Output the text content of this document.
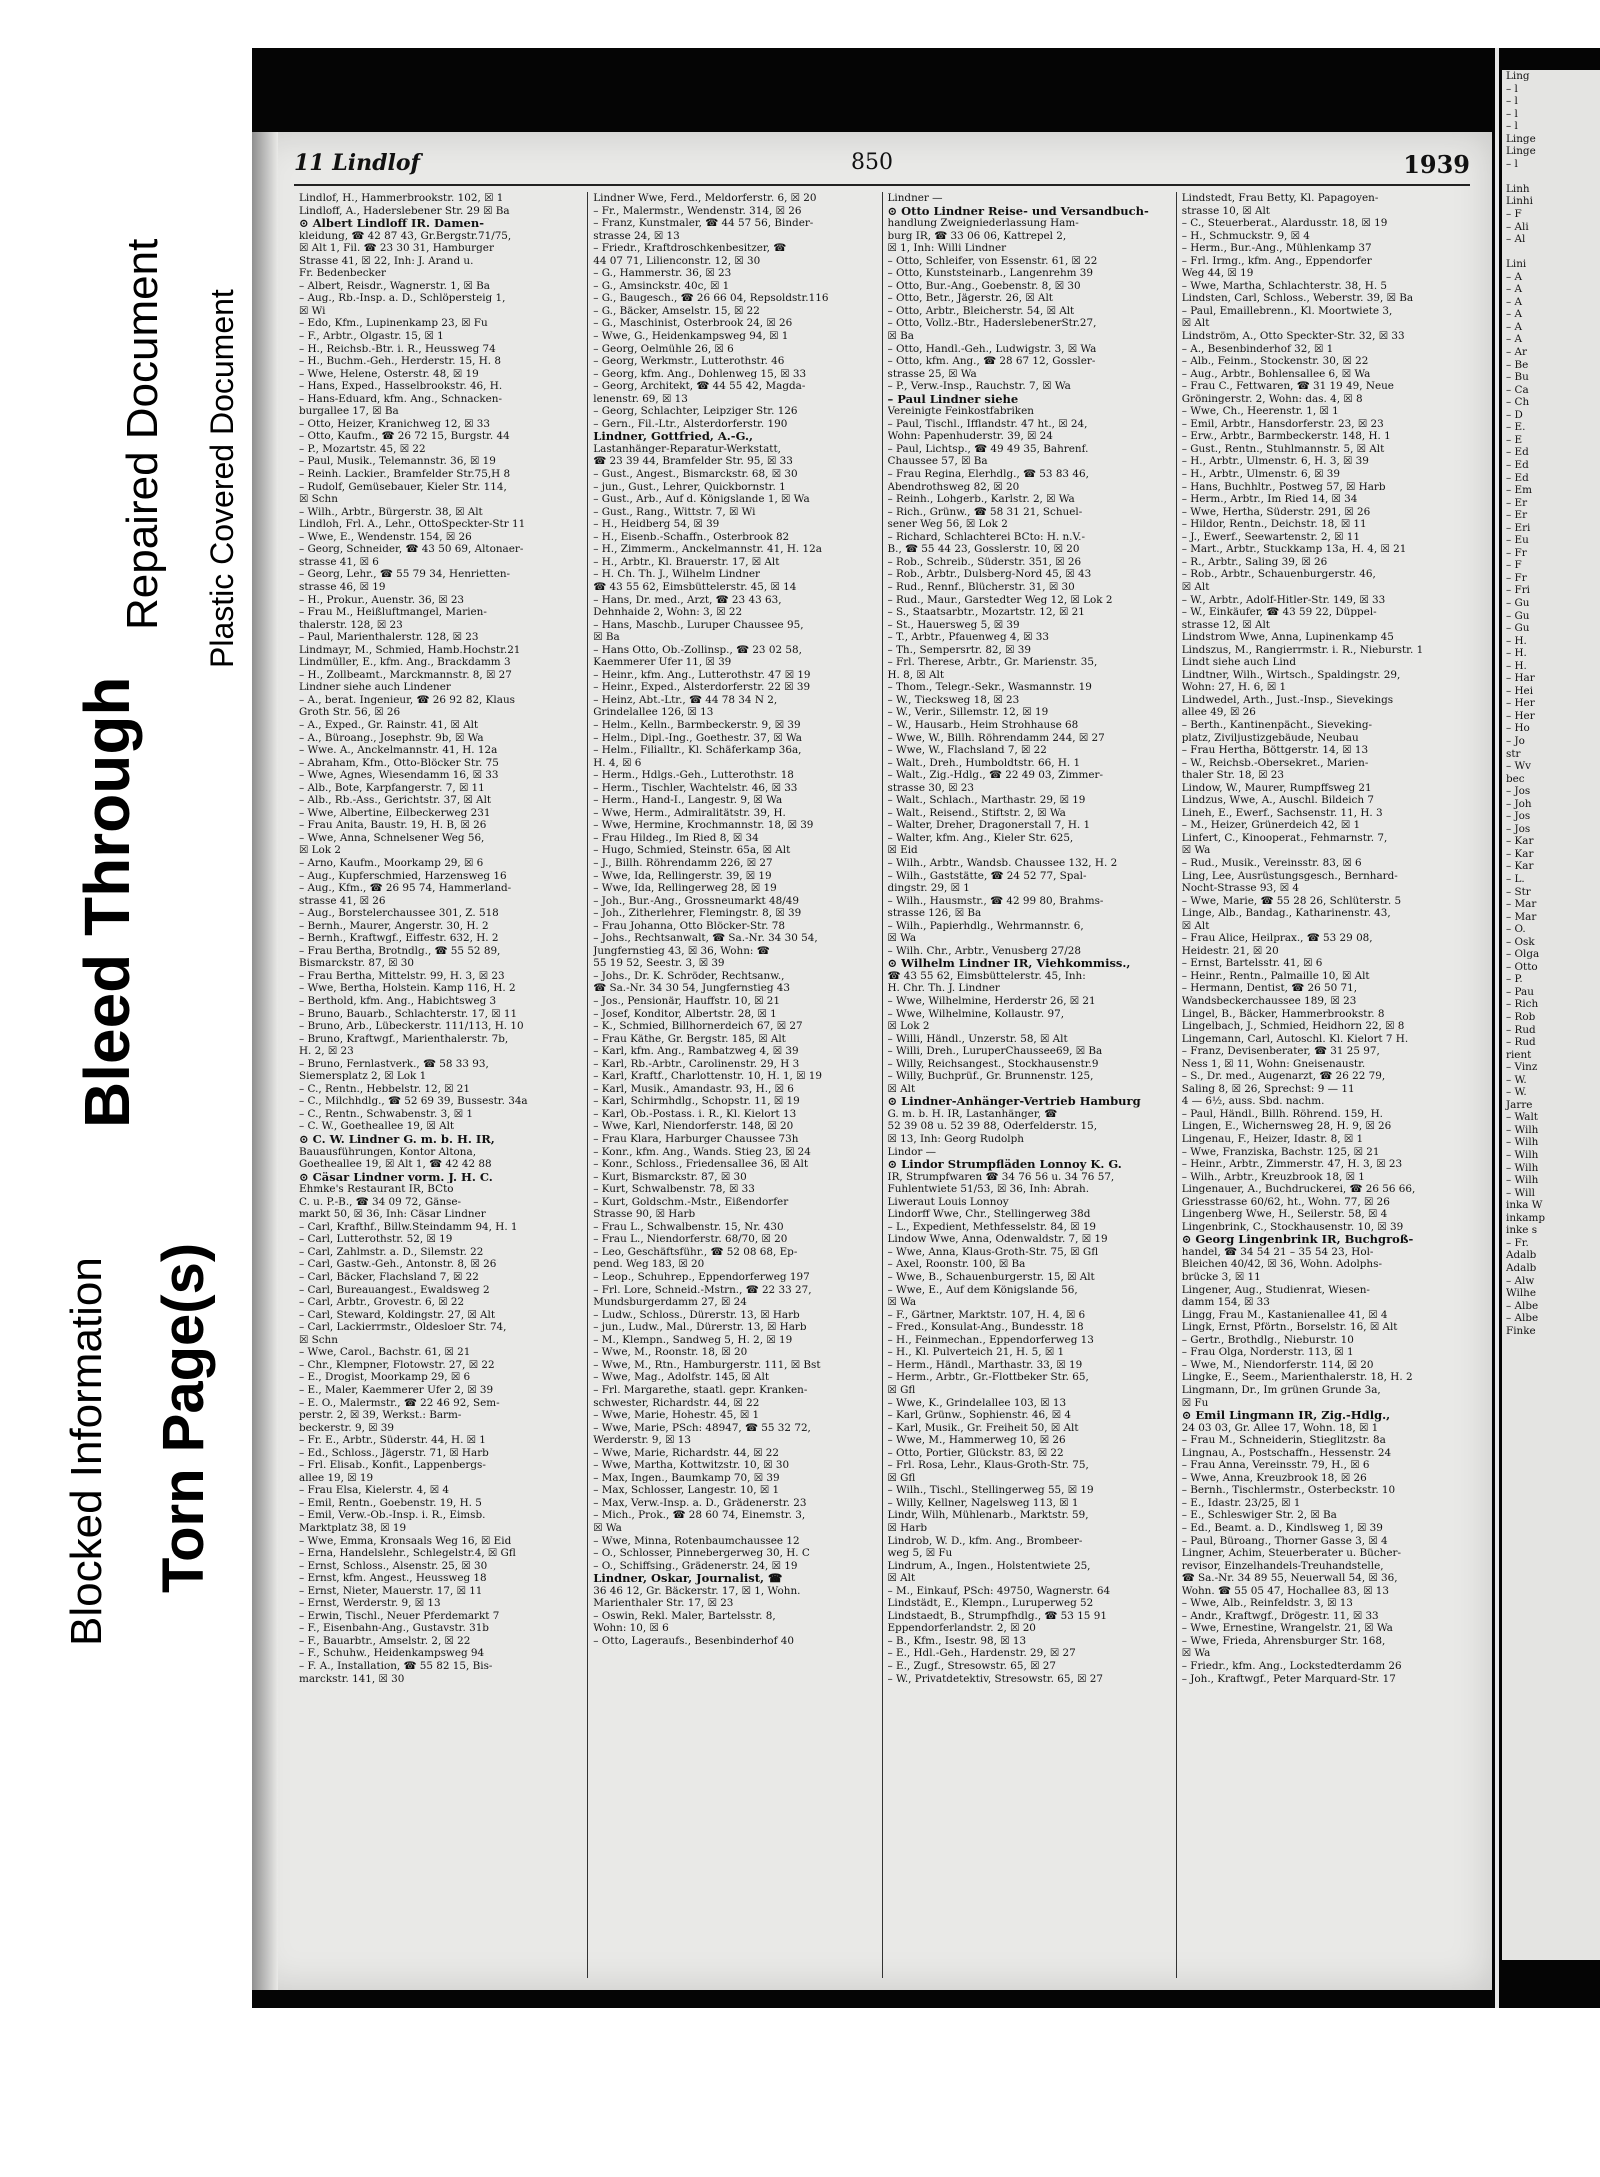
Repaired Document Plastic Covered Document
Bleed Through
Blocked Information Torn Page(s)
11 Lindlof	850	1939
Lindlof, H., Hammerbrookstr. 102, ☒ 1
Lindloff, A., Haderslebener Str. 29 ☒ Ba
⊙ Albert Lindloff IR. Damen-
kleidung, ☎ 42 87 43, Gr.Bergstr.71/75,
☒ Alt 1, Fil. ☎ 23 30 31, Hamburger
Strasse 41, ☒ 22, Inh: J. Arand u.
Fr. Bedenbecker
– Albert, Reisdr., Wagnerstr. 1, ☒ Ba
– Aug., Rb.-Insp. a. D., Schlöpersteig 1,
☒ Wi
– Edo, Kfm., Lupinenkamp 23, ☒ Fu
– F., Arbtr., Olgastr. 15, ☒ 1
– H., Reichsb.-Btr. i. R., Heussweg 74
– H., Buchm.-Geh., Herderstr. 15, H. 8
– Wwe, Helene, Osterstr. 48, ☒ 19
– Hans, Exped., Hasselbrookstr. 46, H.
– Hans-Eduard, kfm. Ang., Schnacken-
burgallee 17, ☒ Ba
– Otto, Heizer, Kranichweg 12, ☒ 33
– Otto, Kaufm., ☎ 26 72 15, Burgstr. 44
– P., Mozartstr. 45, ☒ 22
– Paul, Musik., Telemannstr. 36, ☒ 19
– Reinh. Lackier., Bramfelder Str.75,H 8
– Rudolf, Gemüsebauer, Kieler Str. 114,
☒ Schn
– Wilh., Arbtr., Bürgerstr. 38, ☒ Alt
Lindloh, Frl. A., Lehr., OttoSpeckter-Str 11
– Wwe, E., Wendenstr. 154, ☒ 26
– Georg, Schneider, ☎ 43 50 69, Altonaer-
strasse 41, ☒ 6
– Georg, Lehr., ☎ 55 79 34, Henrietten-
strasse 46, ☒ 19
– H., Prokur., Auenstr. 36, ☒ 23
– Frau M., Heißluftmangel, Marien-
thalerstr. 128, ☒ 23
– Paul, Marienthalerstr. 128, ☒ 23
Lindmayr, M., Schmied, Hamb.Hochstr.21
Lindmüller, E., kfm. Ang., Brackdamm 3
– H., Zollbeamt., Marckmannstr. 8, ☒ 27
Lindner siehe auch Lindener
– A., berat. Ingenieur, ☎ 26 92 82, Klaus
Groth Str. 56, ☒ 26
– A., Exped., Gr. Rainstr. 41, ☒ Alt
– A., Büroang., Josephstr. 9b, ☒ Wa
– Wwe. A., Anckelmannstr. 41, H. 12a
– Abraham, Kfm., Otto-Blöcker Str. 75
– Wwe, Agnes, Wiesendamm 16, ☒ 33
– Alb., Bote, Karpfangerstr. 7, ☒ 11
– Alb., Rb.-Ass., Gerichtstr. 37, ☒ Alt
– Wwe, Albertine, Eilbeckerweg 231
– Frau Anita, Baustr. 19, H. B, ☒ 26
– Wwe, Anna, Schnelsener Weg 56,
☒ Lok 2
– Arno, Kaufm., Moorkamp 29, ☒ 6
– Aug., Kupferschmied, Harzensweg 16
– Aug., Kfm., ☎ 26 95 74, Hammerland-
strasse 41, ☒ 26
– Aug., Borstelerchaussee 301, Z. 518
– Bernh., Maurer, Angerstr. 30, H. 2
– Bernh., Kraftwgf., Eiffestr. 632, H. 2
– Frau Bertha, Brotndlg., ☎ 55 52 89,
Bismarckstr. 87, ☒ 30
– Frau Bertha, Mittelstr. 99, H. 3, ☒ 23
– Wwe, Bertha, Holstein. Kamp 116, H. 2
– Berthold, kfm. Ang., Habichtsweg 3
– Bruno, Bauarb., Schlachterstr. 17, ☒ 11
– Bruno, Arb., Lübeckerstr. 111/113, H. 10
– Bruno, Kraftwgf., Marienthalerstr. 7b,
H. 2, ☒ 23
– Bruno, Fernlastverk., ☎ 58 33 93,
Siemersplatz 2, ☒ Lok 1
– C., Rentn., Hebbelstr. 12, ☒ 21
– C., Milchhdlg., ☎ 52 69 39, Bussestr. 34a
– C., Rentn., Schwabenstr. 3, ☒ 1
– C. W., Goetheallee 19, ☒ Alt
⊙ C. W. Lindner G. m. b. H. IR,
Bauausführungen, Kontor Altona,
Goetheallee 19, ☒ Alt 1, ☎ 42 42 88
⊙ Cäsar Lindner vorm. J. H. C.
Ehmke's Restaurant IR, BCto
C. u. P.-B., ☎ 34 09 72, Gänse-
markt 50, ☒ 36, Inh: Cäsar Lindner
– Carl, Krafthf., Billw.Steindamm 94, H. 1
– Carl, Lutterothstr. 52, ☒ 19
– Carl, Zahlmstr. a. D., Silemstr. 22
– Carl, Gastw.-Geh., Antonstr. 8, ☒ 26
– Carl, Bäcker, Flachsland 7, ☒ 22
– Carl, Bureauangest., Ewaldsweg 2
– Carl, Arbtr., Grovestr. 6, ☒ 22
– Carl, Steward, Koldingstr. 27, ☒ Alt
– Carl, Lackierrmstr., Oldesloer Str. 74,
☒ Schn
– Wwe, Carol., Bachstr. 61, ☒ 21
– Chr., Klempner, Flotowstr. 27, ☒ 22
– E., Drogist, Moorkamp 29, ☒ 6
– E., Maler, Kaemmerer Ufer 2, ☒ 39
– E. O., Malermstr., ☎ 22 46 92, Sem-
perstr. 2, ☒ 39, Werkst.: Barm-
beckerstr. 9, ☒ 39
– Fr. E., Arbtr., Süderstr. 44, H. ☒ 1
– Ed., Schloss., Jägerstr. 71, ☒ Harb
– Frl. Elisab., Konfit., Lappenbergs-
allee 19, ☒ 19
– Frau Elsa, Kielerstr. 4, ☒ 4
– Emil, Rentn., Goebenstr. 19, H. 5
– Emil, Verw.-Ob.-Insp. i. R., Eimsb.
Marktplatz 38, ☒ 19
– Wwe, Emma, Kronsaals Weg 16, ☒ Eid
– Erna, Handelslehr., Schlegelstr.4, ☒ Gfl
– Ernst, Schloss., Alsenstr. 25, ☒ 30
– Ernst, kfm. Angest., Heussweg 18
– Ernst, Nieter, Mauerstr. 17, ☒ 11
– Ernst, Werderstr. 9, ☒ 13
– Erwin, Tischl., Neuer Pferdemarkt 7
– F., Eisenbahn-Ang., Gustavstr. 31b
– F., Bauarbtr., Amselstr. 2, ☒ 22
– F., Schuhw., Heidenkampsweg 94
– F. A., Installation, ☎ 55 82 15, Bis-
marckstr. 141, ☒ 30
Lindner Wwe, Ferd., Meldorferstr. 6, ☒ 20
– Fr., Malermstr., Wendenstr. 314, ☒ 26
– Franz, Kunstmaler, ☎ 44 57 56, Binder-
strasse 24, ☒ 13
– Friedr., Kraftdroschkenbesitzer, ☎
44 07 71, Lilienconstr. 12, ☒ 30
– G., Hammerstr. 36, ☒ 23
– G., Amsinckstr. 40c, ☒ 1
– G., Baugesch., ☎ 26 66 04, Repsoldstr.116
– G., Bäcker, Amselstr. 15, ☒ 22
– G., Maschinist, Osterbrook 24, ☒ 26
– Wwe, G., Heidenkampsweg 94, ☒ 1
– Georg, Oelmühle 26, ☒ 6
– Georg, Werkmstr., Lutterothstr. 46
– Georg, kfm. Ang., Dohlenweg 15, ☒ 33
– Georg, Architekt, ☎ 44 55 42, Magda-
lenenstr. 69, ☒ 13
– Georg, Schlachter, Leipziger Str. 126
– Gern., Fil.-Ltr., Alsterdorferstr. 190
Lindner, Gottfried, A.-G.,
Lastanhänger-Reparatur-Werkstatt,
☎ 23 39 44, Bramfelder Str. 95, ☒ 33
– Gust., Angest., Bismarckstr. 68, ☒ 30
– jun., Gust., Lehrer, Quickbornstr. 1
– Gust., Arb., Auf d. Königslande 1, ☒ Wa
– Gust., Rang., Wittstr. 7, ☒ Wi
– H., Heidberg 54, ☒ 39
– H., Eisenb.-Schaffn., Osterbrook 82
– H., Zimmerm., Anckelmannstr. 41, H. 12a
– H., Arbtr., Kl. Brauerstr. 17, ☒ Alt
– H. Ch. Th. J., Wilhelm Lindner
☎ 43 55 62, Eimsbüttelerstr. 45, ☒ 14
– Hans, Dr. med., Arzt, ☎ 23 43 63,
Dehnhaide 2, Wohn: 3, ☒ 22
– Hans, Maschb., Luruper Chaussee 95,
☒ Ba
– Hans Otto, Ob.-Zollinsp., ☎ 23 02 58,
Kaemmerer Ufer 11, ☒ 39
– Heinr., kfm. Ang., Lutterothstr. 47 ☒ 19
– Heinr., Exped., Alsterdorferstr. 22 ☒ 39
– Heinz, Abt.-Ltr., ☎ 44 78 34 N 2,
Grindelallee 126, ☒ 13
– Helm., Kelln., Barmbeckerstr. 9, ☒ 39
– Helm., Dipl.-Ing., Goethestr. 37, ☒ Wa
– Helm., Filialltr., Kl. Schäferkamp 36a,
H. 4, ☒ 6
– Herm., Hdlgs.-Geh., Lutterothstr. 18
– Herm., Tischler, Wachtelstr. 46, ☒ 33
– Herm., Hand-I., Langestr. 9, ☒ Wa
– Wwe, Herm., Admiralitätstr. 39, H.
– Wwe, Hermine, Krochmannstr. 18, ☒ 39
– Frau Hildeg., Im Ried 8, ☒ 34
– Hugo, Schmied, Steinstr. 65a, ☒ Alt
– J., Billh. Röhrendamm 226, ☒ 27
– Wwe, Ida, Rellingerstr. 39, ☒ 19
– Wwe, Ida, Rellingerweg 28, ☒ 19
– Joh., Bur.-Ang., Grossneumarkt 48/49
– Joh., Zitherlehrer, Flemingstr. 8, ☒ 39
– Frau Johanna, Otto Blöcker-Str. 78
– Johs., Rechtsanwalt, ☎ Sa.-Nr. 34 30 54,
Jungfernstieg 43, ☒ 36, Wohn: ☎
55 19 52, Seestr. 3, ☒ 39
– Johs., Dr. K. Schröder, Rechtsanw.,
☎ Sa.-Nr. 34 30 54, Jungfernstieg 43
– Jos., Pensionär, Hauffstr. 10, ☒ 21
– Josef, Konditor, Albertstr. 28, ☒ 1
– K., Schmied, Billhornerdeich 67, ☒ 27
– Frau Käthe, Gr. Bergstr. 185, ☒ Alt
– Karl, kfm. Ang., Rambatzweg 4, ☒ 39
– Karl, Rb.-Arbtr., Carolinenstr. 29, H 3
– Karl, Kraftf., Charlottenstr. 10, H. 1, ☒ 19
– Karl, Musik., Amandastr. 93, H., ☒ 6
– Karl, Schirmhdlg., Schopstr. 11, ☒ 19
– Karl, Ob.-Postass. i. R., Kl. Kielort 13
– Wwe, Karl, Niendorferstr. 148, ☒ 20
– Frau Klara, Harburger Chaussee 73h
– Konr., kfm. Ang., Wands. Stieg 23, ☒ 24
– Konr., Schloss., Friedensallee 36, ☒ Alt
– Kurt, Bismarckstr. 87, ☒ 30
– Kurt, Schwalbenstr. 78, ☒ 33
– Kurt, Goldschm.-Mstr., Eißendorfer
Strasse 90, ☒ Harb
– Frau L., Schwalbenstr. 15, Nr. 430
– Frau L., Niendorferstr. 68/70, ☒ 20
– Leo, Geschäftsführ., ☎ 52 08 68, Ep-
pend. Weg 183, ☒ 20
– Leop., Schuhrep., Eppendorferweg 197
– Frl. Lore, Schneid.-Mstrn., ☎ 22 33 27,
Mundsburgerdamm 27, ☒ 24
– Ludw., Schloss., Dürerstr. 13, ☒ Harb
– jun., Ludw., Mal., Dürerstr. 13, ☒ Harb
– M., Klempn., Sandweg 5, H. 2, ☒ 19
– Wwe, M., Roonstr. 18, ☒ 20
– Wwe, M., Rtn., Hamburgerstr. 111, ☒ Bst
– Wwe, Mag., Adolfstr. 145, ☒ Alt
– Frl. Margarethe, staatl. gepr. Kranken-
schwester, Richardstr. 44, ☒ 22
– Wwe, Marie, Hohestr. 45, ☒ 1
– Wwe, Marie, PSch: 48947, ☎ 55 32 72,
Werderstr. 9, ☒ 13
– Wwe, Marie, Richardstr. 44, ☒ 22
– Wwe, Martha, Kottwitzstr. 10, ☒ 30
– Max, Ingen., Baumkamp 70, ☒ 39
– Max, Schlosser, Langestr. 10, ☒ 1
– Max, Verw.-Insp. a. D., Grädenerstr. 23
– Mich., Prok., ☎ 28 60 74, Einemstr. 3,
☒ Wa
– Wwe, Minna, Rotenbaumchaussee 12
– O., Schlosser, Pinnebergerweg 30, H. C
– O., Schiffsing., Grädenerstr. 24, ☒ 19
Lindner, Oskar, Journalist, ☎
36 46 12, Gr. Bäckerstr. 17, ☒ 1, Wohn.
Marienthaler Str. 17, ☒ 23
– Oswin, Rekl. Maler, Bartelsstr. 8,
Wohn: 10, ☒ 6
– Otto, Lageraufs., Besenbinderhof 40
Lindner —
⊙ Otto Lindner Reise- und Versandbuch-
handlung Zweigniederlassung Ham-
burg IR, ☎ 33 06 06, Kattrepel 2,
☒ 1, Inh: Willi Lindner
– Otto, Schleifer, von Essenstr. 61, ☒ 22
– Otto, Kunststeinarb., Langenrehm 39
– Otto, Bur.-Ang., Goebenstr. 8, ☒ 30
– Otto, Betr., Jägerstr. 26, ☒ Alt
– Otto, Arbtr., Bleicherstr. 54, ☒ Alt
– Otto, Vollz.-Btr., HaderslebenerStr.27,
☒ Ba
– Otto, Handl.-Geh., Ludwigstr. 3, ☒ Wa
– Otto, kfm. Ang., ☎ 28 67 12, Gossler-
strasse 25, ☒ Wa
– P., Verw.-Insp., Rauchstr. 7, ☒ Wa
– Paul Lindner siehe
Vereinigte Feinkostfabriken
– Paul, Tischl., Ifflandstr. 47 ht., ☒ 24,
Wohn: Papenhuderstr. 39, ☒ 24
– Paul, Lichtsp., ☎ 49 49 35, Bahrenf.
Chaussee 57, ☒ Ba
– Frau Regina, Elerhdlg., ☎ 53 83 46,
Abendrothsweg 82, ☒ 20
– Reinh., Lohgerb., Karlstr. 2, ☒ Wa
– Rich., Grünw., ☎ 58 31 21, Schuel-
sener Weg 56, ☒ Lok 2
– Richard, Schlachterei BCto: H. n.V.-
B., ☎ 55 44 23, Gosslerstr. 10, ☒ 20
– Rob., Schreib., Süderstr. 351, ☒ 26
– Rob., Arbtr., Dulsberg-Nord 45, ☒ 43
– Rud., Rennf., Blücherstr. 31, ☒ 30
– Rud., Maur., Garstedter Weg 12, ☒ Lok 2
– S., Staatsarbtr., Mozartstr. 12, ☒ 21
– St., Hauersweg 5, ☒ 39
– T., Arbtr., Pfauenweg 4, ☒ 33
– Th., Sempersrtr. 82, ☒ 39
– Frl. Therese, Arbtr., Gr. Marienstr. 35,
H. 8, ☒ Alt
– Thom., Telegr.-Sekr., Wasmannstr. 19
– W., Tiecksweg 18, ☒ 23
– W., Verir., Sillemstr. 12, ☒ 19
– W., Hausarb., Heim Strohhause 68
– Wwe, W., Billh. Röhrendamm 244, ☒ 27
– Wwe, W., Flachsland 7, ☒ 22
– Walt., Dreh., Humboldtstr. 66, H. 1
– Walt., Zig.-Hdlg., ☎ 22 49 03, Zimmer-
strasse 30, ☒ 23
– Walt., Schlach., Marthastr. 29, ☒ 19
– Walt., Reisend., Stiftstr. 2, ☒ Wa
– Walter, Dreher, Dragonerstall 7, H. 1
– Walter, kfm. Ang., Kieler Str. 625,
☒ Eid
– Wilh., Arbtr., Wandsb. Chaussee 132, H. 2
– Wilh., Gaststätte, ☎ 24 52 77, Spal-
dingstr. 29, ☒ 1
– Wilh., Hausmstr., ☎ 42 99 80, Brahms-
strasse 126, ☒ Ba
– Wilh., Papierhdlg., Wehrmannstr. 6,
☒ Wa
– Wilh. Chr., Arbtr., Venusberg 27/28
⊙ Wilhelm Lindner IR, Viehkommiss.,
☎ 43 55 62, Eimsbüttelerstr. 45, Inh:
H. Chr. Th. J. Lindner
– Wwe, Wilhelmine, Herderstr 26, ☒ 21
– Wwe, Wilhelmine, Kollaustr. 97,
☒ Lok 2
– Willi, Händl., Unzerstr. 58, ☒ Alt
– Willi, Dreh., LuruperChaussee69, ☒ Ba
– Willy, Reichsangest., Stockhausenstr.9
– Willy, Buchprüf., Gr. Brunnenstr. 125,
☒ Alt
⊙ Lindner-Anhänger-Vertrieb Hamburg
G. m. b. H. IR, Lastanhänger, ☎
52 39 08 u. 52 39 88, Oderfelderstr. 15,
☒ 13, Inh: Georg Rudolph
Lindor —
⊙ Lindor Strumpfläden Lonnoy K. G.
IR, Strumpfwaren ☎ 34 76 56 u. 34 76 57,
Fuhlentwiete 51/53, ☒ 36, Inh: Abrah.
Liweraut Louis Lonnoy
Lindorff Wwe, Chr., Stellingerweg 38d
– L., Expedient, Methfesselstr. 84, ☒ 19
Lindow Wwe, Anna, Odenwaldstr. 7, ☒ 19
– Wwe, Anna, Klaus-Groth-Str. 75, ☒ Gfl
– Axel, Roonstr. 100, ☒ Ba
– Wwe, B., Schauenburgerstr. 15, ☒ Alt
– Wwe, E., Auf dem Königslande 56,
☒ Wa
– F., Gärtner, Marktstr. 107, H. 4, ☒ 6
– Fred., Konsulat-Ang., Bundesstr. 18
– H., Feinmechan., Eppendorferweg 13
– H., Kl. Pulverteich 21, H. 5, ☒ 1
– Herm., Händl., Marthastr. 33, ☒ 19
– Herm., Arbtr., Gr.-Flottbeker Str. 65,
☒ Gfl
– Wwe, K., Grindelallee 103, ☒ 13
– Karl, Grünw., Sophienstr. 46, ☒ 4
– Karl, Musik., Gr. Freiheit 50, ☒ Alt
– Wwe, M., Hammerweg 10, ☒ 26
– Otto, Portier, Glückstr. 83, ☒ 22
– Frl. Rosa, Lehr., Klaus-Groth-Str. 75,
☒ Gfl
– Wilh., Tischl., Stellingerweg 55, ☒ 19
– Willy, Kellner, Nagelsweg 113, ☒ 1
Lindr, Wilh, Mühlenarb., Marktstr. 59,
☒ Harb
Lindrob, W. D., kfm. Ang., Brombeer-
weg 5, ☒ Fu
Lindrum, A., Ingen., Holstentwiete 25,
☒ Alt
– M., Einkauf, PSch: 49750, Wagnerstr. 64
Lindstädt, E., Klempn., Luruperweg 52
Lindstaedt, B., Strumpfhdlg., ☎ 53 15 91
Eppendorferlandstr. 2, ☒ 20
– B., Kfm., Isestr. 98, ☒ 13
– E., Hdl.-Geh., Hardenstr. 29, ☒ 27
– E., Zugf., Stresowstr. 65, ☒ 27
– W., Privatdetektiv, Stresowstr. 65, ☒ 27
Lindstedt, Frau Betty, Kl. Papagoyen-
strasse 10, ☒ Alt
– C., Steuerberat., Alardusstr. 18, ☒ 19
– H., Schmuckstr. 9, ☒ 4
– Herm., Bur.-Ang., Mühlenkamp 37
– Frl. Irmg., kfm. Ang., Eppendorfer
Weg 44, ☒ 19
– Wwe, Martha, Schlachterstr. 38, H. 5
Lindsten, Carl, Schloss., Weberstr. 39, ☒ Ba
– Paul, Emaillebrenn., Kl. Moortwiete 3,
☒ Alt
Lindström, A., Otto Speckter-Str. 32, ☒ 33
– A., Besenbinderhof 32, ☒ 1
– Alb., Feinm., Stockenstr. 30, ☒ 22
– Aug., Arbtr., Bohlensallee 6, ☒ Wa
– Frau C., Fettwaren, ☎ 31 19 49, Neue
Gröningerstr. 2, Wohn: das. 4, ☒ 8
– Wwe, Ch., Heerenstr. 1, ☒ 1
– Emil, Arbtr., Hansdorferstr. 23, ☒ 23
– Erw., Arbtr., Barmbeckerstr. 148, H. 1
– Gust., Rentn., Stuhlmannstr. 5, ☒ Alt
– H., Arbtr., Ulmenstr. 6, H. 3, ☒ 39
– H., Arbtr., Ulmenstr. 6, ☒ 39
– Hans, Buchhltr., Postweg 57, ☒ Harb
– Herm., Arbtr., Im Ried 14, ☒ 34
– Wwe, Hertha, Süderstr. 291, ☒ 26
– Hildor, Rentn., Deichstr. 18, ☒ 11
– J., Ewerf., Seewartenstr. 2, ☒ 11
– Mart., Arbtr., Stuckkamp 13a, H. 4, ☒ 21
– R., Arbtr., Saling 39, ☒ 26
– Rob., Arbtr., Schauenburgerstr. 46,
☒ Alt
– W., Arbtr., Adolf-Hitler-Str. 149, ☒ 33
– W., Einkäufer, ☎ 43 59 22, Düppel-
strasse 12, ☒ Alt
Lindstrom Wwe, Anna, Lupinenkamp 45
Lindszus, M., Rangierrmstr. i. R., Nieburstr. 1
Lindt siehe auch Lind
Lindtner, Wilh., Wirtsch., Spaldingstr. 29,
Wohn: 27, H. 6, ☒ 1
Lindwedel, Arth., Just.-Insp., Sievekings
allee 49, ☒ 26
– Berth., Kantinenpächt., Sieveking-
platz, Ziviljustizgebäude, Neubau
– Frau Hertha, Böttgerstr. 14, ☒ 13
– W., Reichsb.-Obersekret., Marien-
thaler Str. 18, ☒ 23
Lindow, W., Maurer, Rumpffsweg 21
Lindzus, Wwe, A., Auschl. Bildeich 7
Lineh, E., Ewerf., Sachsenstr. 11, H. 3
– M., Heizer, Grünerdeich 42, ☒ 1
Linfert, C., Kinooperat., Fehmarnstr. 7,
☒ Wa
– Rud., Musik., Vereinsstr. 83, ☒ 6
Ling, Lee, Ausrüstungsgesch., Bernhard-
Nocht-Strasse 93, ☒ 4
– Wwe, Marie, ☎ 55 28 26, Schlüterstr. 5
Linge, Alb., Bandag., Katharinenstr. 43,
☒ Alt
– Frau Alice, Heilprax., ☎ 53 29 08,
Heidestr. 21, ☒ 20
– Ernst, Bartelsstr. 41, ☒ 6
– Heinr., Rentn., Palmaille 10, ☒ Alt
– Hermann, Dentist, ☎ 26 50 71,
Wandsbeckerchaussee 189, ☒ 23
Lingel, B., Bäcker, Hammerbrookstr. 8
Lingelbach, J., Schmied, Heidhorn 22, ☒ 8
Lingemann, Carl, Autoschl. Kl. Kielort 7 H.
– Franz, Devisenberater, ☎ 31 25 97,
Ness 1, ☒ 11, Wohn: Gneisenaustr.
– S., Dr. med., Augenarzt, ☎ 26 22 79,
Saling 8, ☒ 26, Sprechst: 9 — 11
4 — 6½, auss. Sbd. nachm.
– Paul, Händl., Billh. Röhrend. 159, H.
Lingen, E., Wichernsweg 28, H. 9, ☒ 26
Lingenau, F., Heizer, Idastr. 8, ☒ 1
– Wwe, Franziska, Bachstr. 125, ☒ 21
– Heinr., Arbtr., Zimmerstr. 47, H. 3, ☒ 23
– Wilh., Arbtr., Kreuzbrook 18, ☒ 1
Lingenauer, A., Buchdruckerei, ☎ 26 56 66,
Griesstrasse 60/62, ht., Wohn. 77, ☒ 26
Lingenberg Wwe, H., Seilerstr. 58, ☒ 4
Lingenbrink, C., Stockhausenstr. 10, ☒ 39
⊙ Georg Lingenbrink IR, Buchgroß-
handel, ☎ 34 54 21 – 35 54 23, Hol-
Bleichen 40/42, ☒ 36, Wohn. Adolphs-
brücke 3, ☒ 11
Lingener, Aug., Studienrat, Wiesen-
damm 154, ☒ 33
Lingg, Frau M., Kastanienallee 41, ☒ 4
Lingk, Ernst, Pförtn., Borselstr. 16, ☒ Alt
– Gertr., Brothdlg., Nieburstr. 10
– Frau Olga, Norderstr. 113, ☒ 1
– Wwe, M., Niendorferstr. 114, ☒ 20
Lingke, E., Seem., Marienthalerstr. 18, H. 2
Lingmann, Dr., Im grünen Grunde 3a,
☒ Fu
⊙ Emil Lingmann IR, Zig.-Hdlg.,
24 03 03, Gr. Allee 17, Wohn. 18, ☒ 1
– Frau M., Schneiderin, Stieglitzstr. 8a
Lingnau, A., Postschaffn., Hessenstr. 24
– Frau Anna, Vereinsstr. 79, H., ☒ 6
– Wwe, Anna, Kreuzbrook 18, ☒ 26
– Bernh., Tischlermstr., Osterbeckstr. 10
– E., Idastr. 23/25, ☒ 1
– E., Schleswiger Str. 2, ☒ Ba
– Ed., Beamt. a. D., Kindlsweg 1, ☒ 39
– Paul, Büroang., Thorner Gasse 3, ☒ 4
Lingner, Achim, Steuerberater u. Bücher-
revisor, Einzelhandels-Treuhandstelle,
☎ Sa.-Nr. 34 89 55, Neuerwall 54, ☒ 36,
Wohn. ☎ 55 05 47, Hochallee 83, ☒ 13
– Wwe, Alb., Reinfeldstr. 3, ☒ 13
– Andr., Kraftwgf., Drögestr. 11, ☒ 33
– Wwe, Ernestine, Wrangelstr. 21, ☒ Wa
– Wwe, Frieda, Ahrensburger Str. 168,
☒ Wa
– Friedr., kfm. Ang., Lockstedterdamm 26
– Joh., Kraftwgf., Peter Marquard-Str. 17
Ling
– l
– l
– l
– l
Linge
Linge
– l

Linh
Linhi
– F
– Ali
– Al

Lini
– A
– A
– A
– A
– A
– A
– Ar
– Be
– Bu
– Ca
– Ch
– D
– E.
– E
– Ed
– Ed
– Ed
– Em
– Er
– Er
– Eri
– Eu
– Fr
– F
– Fr
– Fri
– Gu
– Gu
– Gu
– H.
– H.
– H.
– Har
– Hei
– Her
– Her
– Ho
– Jo
str
– Wv
bec
– Jos
– Joh
– Jos
– Jos
– Kar
– Kar
– Kar
– L.
– Str
– Mar
– Mar
– O.
– Osk
– Olga
– Otto
– P.
– Pau
– Rich
– Rob
– Rud
– Rud
rient
– Vinz
– W.
– W.
Jarre
– Walt
– Wilh
– Wilh
– Wilh
– Wilh
– Wilh
– Will
inka W
inkamp
inke s
– Fr.
Adalb
Adalb
– Alw
Wilhe
– Albe
– Albe
Finke
